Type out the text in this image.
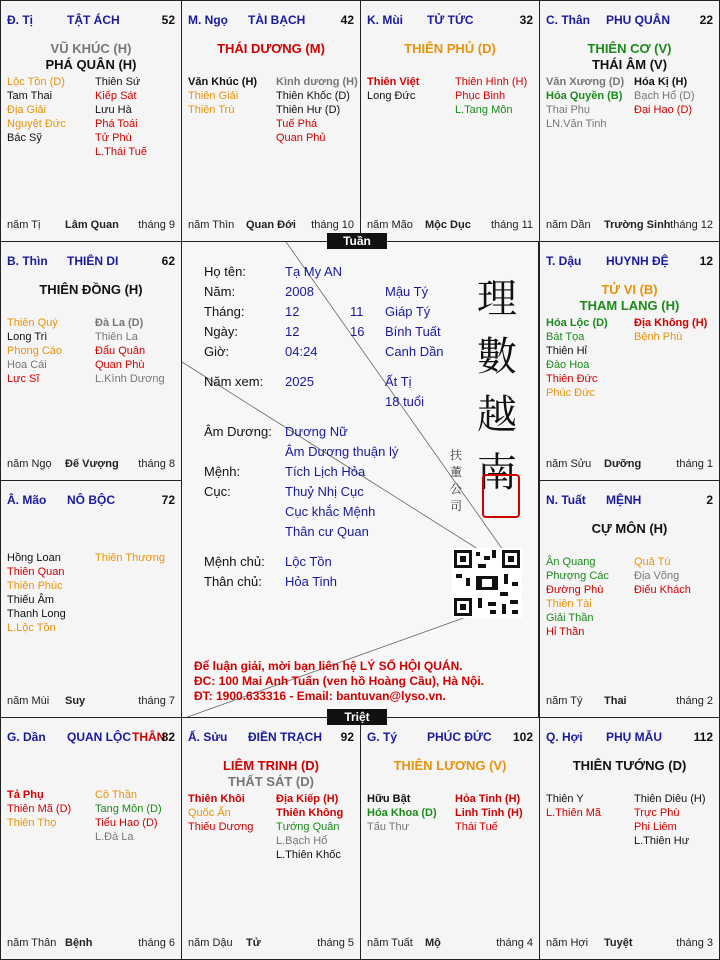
Đ. Tị	TẬT ÁCH	52
VŨ KHÚC (H)
PHÁ QUÂN (H)
Lộc Tồn (D)
Tam Thai
Địa Giải
Nguyệt Đức
Bác Sỹ
Thiên Sứ
Kiếp Sát
Lưu Hà
Phá Toái
Tử Phù
L.Thái Tuế
năm Tị Lâm Quan tháng 9
M. Ngọ TÀI BẠCH	42
THÁI DƯƠNG (M)
Văn Khúc (H)
Thiên Giải
Thiên Trù
Kình dương (H)
Thiên Khốc (D)
Thiên Hư (D)
Tuế Phá
Quan Phủ
năm Thìn Quan Đới tháng 10
K. Mùi TỬ TỨC	32
THIÊN PHỦ (D)
Thiên Việt
Long Đức
Thiên Hình (H)
Phục Binh
L.Tang Môn
năm Mão Mộc Dục tháng 11
C. Thân PHU QUÂN 22
THIÊN CƠ (V)
THÁI ÂM (V)
Văn Xương (D)
Hóa Quyền (B)
Thai Phụ
LN.Văn Tinh
Hóa Kị (H)
Bạch Hổ (D)
Đại Hao (D)
năm Dần Trường Sinh tháng 12
B. Thìn THIÊN DI	62
THIÊN ĐỒNG (H)
Thiên Quý
Long Trì
Phong Cáo
Hoa Cái
Lực Sĩ
Đà La (D)
Thiên La
Đẩu Quân
Quan Phù
L.Kình Dương
năm Ngọ Đế Vượng tháng 8
T. Dậu HUYNH ĐỆ	12
TỬ VI (B)
THAM LANG (H)
Hóa Lộc (D)
Bát Tọa
Thiên Hỉ
Đào Hoa
Thiên Đức
Phúc Đức
Địa Không (H)
Bệnh Phù
năm Sửu Dưỡng	tháng 1
Â. Mão NÔ BỘC	72
Hồng Loan
Thiên Quan
Thiên Phúc
Thiếu Âm
Thanh Long
L.Lộc Tồn
Thiên Thương
năm Mùi Suy	tháng 7
N. Tuất MỆNH	2
CỰ MÔN (H)
Ân Quang
Phượng Các
Đường Phù
Thiên Tài
Giải Thần
Hỉ Thần
Quả Tú
Địa Võng
Điếu Khách
năm Tý Thai	tháng 2
G. Dần QUAN LỘC THÂN
82
Tả Phụ
Thiên Mã (D)
Thiên Thọ
Cô Thần
Tang Môn (D)
Tiểu Hao (D)
L.Đà La
năm Thân Bệnh	tháng 6
Ấ. Sửu ĐIỀN TRẠCH 92
LIÊM TRINH (D)
THẤT SÁT (D)
Thiên Khôi
Quốc Ấn
Thiếu Dương
Địa Kiếp (H)
Thiên Không
Tướng Quân
L.Bạch Hổ
L.Thiên Khốc
năm Dậu Tử	tháng 5
G. Tý PHÚC ĐỨC 102
THIÊN LƯƠNG (V)
Hữu Bật
Hóa Khoa (D)
Tấu Thư
Hỏa Tinh (H)
Linh Tinh (H)
Thái Tuế
năm Tuất Mộ	tháng 4
Q. Hợi PHỤ MẪU	112
THIÊN TƯỚNG (D)
Thiên Y
L.Thiên Mã
Thiên Diêu (H)
Trực Phù
Phi Liêm
L.Thiên Hư
năm Hợi Tuyệt	tháng 3
Họ tên:	Tạ My AN
Năm:	2008	Mậu Tý
Tháng:	12	11 Giáp Tý
Ngày:	12	16 Bính Tuất
Giờ:	04:24	Canh Dần
Năm xem: 2025	Ất Tị
18 tuổi
Âm Dương: Dương Nữ
Âm Dương thuận lý
Mệnh:	Tích Lịch Hỏa
Cục:	Thuỷ Nhị Cục
Cục khắc Mệnh
Thân cư Quan
Mệnh chủ: Lộc Tồn
Thân chủ: Hỏa Tinh
理
數
越
南
扶董公司
Để luận giải, mời bạn liên hệ LÝ SỐ HỘI QUÁN.
ĐC: 100 Mai Anh Tuấn (ven hồ Hoàng Cầu), Hà Nội.
ĐT: 1900.633316 - Email: bantuvan@lyso.vn.
Tuần
Triệt
